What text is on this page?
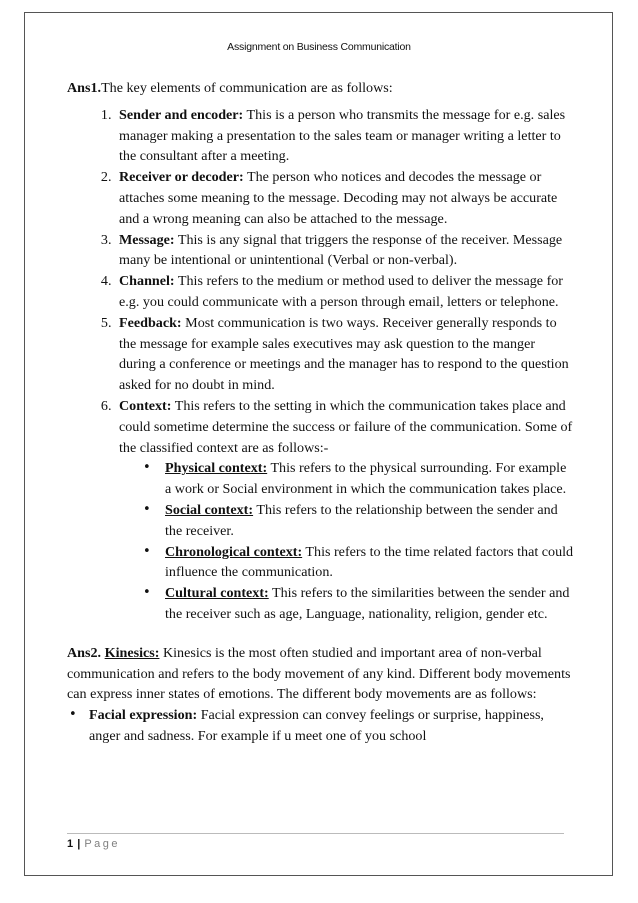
Assignment on Business Communication

Ans1.The key elements of communication are as follows:

1. Sender and encoder: This is a person who transmits the message for e.g. sales manager making a presentation to the sales team or manager writing a letter to the consultant after a meeting.
2. Receiver or decoder: The person who notices and decodes the message or attaches some meaning to the message. Decoding may not always be accurate and a wrong meaning can also be attached to the message.
3. Message: This is any signal that triggers the response of the receiver. Message many be intentional or unintentional (Verbal or non-verbal).
4. Channel: This refers to the medium or method used to deliver the message for e.g. you could communicate with a person through email, letters or telephone.
5. Feedback: Most communication is two ways. Receiver generally responds to the message for example sales executives may ask question to the manger during a conference or meetings and the manager has to respond to the question asked for no doubt in mind.
6. Context: This refers to the setting in which the communication takes place and could sometime determine the success or failure of the communication. Some of the classified context are as follows:-
• Physical context: This refers to the physical surrounding. For example a work or Social environment in which the communication takes place.
• Social context: This refers to the relationship between the sender and the receiver.
• Chronological context: This refers to the time related factors that could influence the communication.
• Cultural context: This refers to the similarities between the sender and the receiver such as age, Language, nationality, religion, gender etc.

Ans2. Kinesics: Kinesics is the most often studied and important area of non-verbal communication and refers to the body movement of any kind. Different body movements can express inner states of emotions. The different body movements are as follows:

• Facial expression: Facial expression can convey feelings or surprise, happiness, anger and sadness. For example if u meet one of you school
1 | Page
